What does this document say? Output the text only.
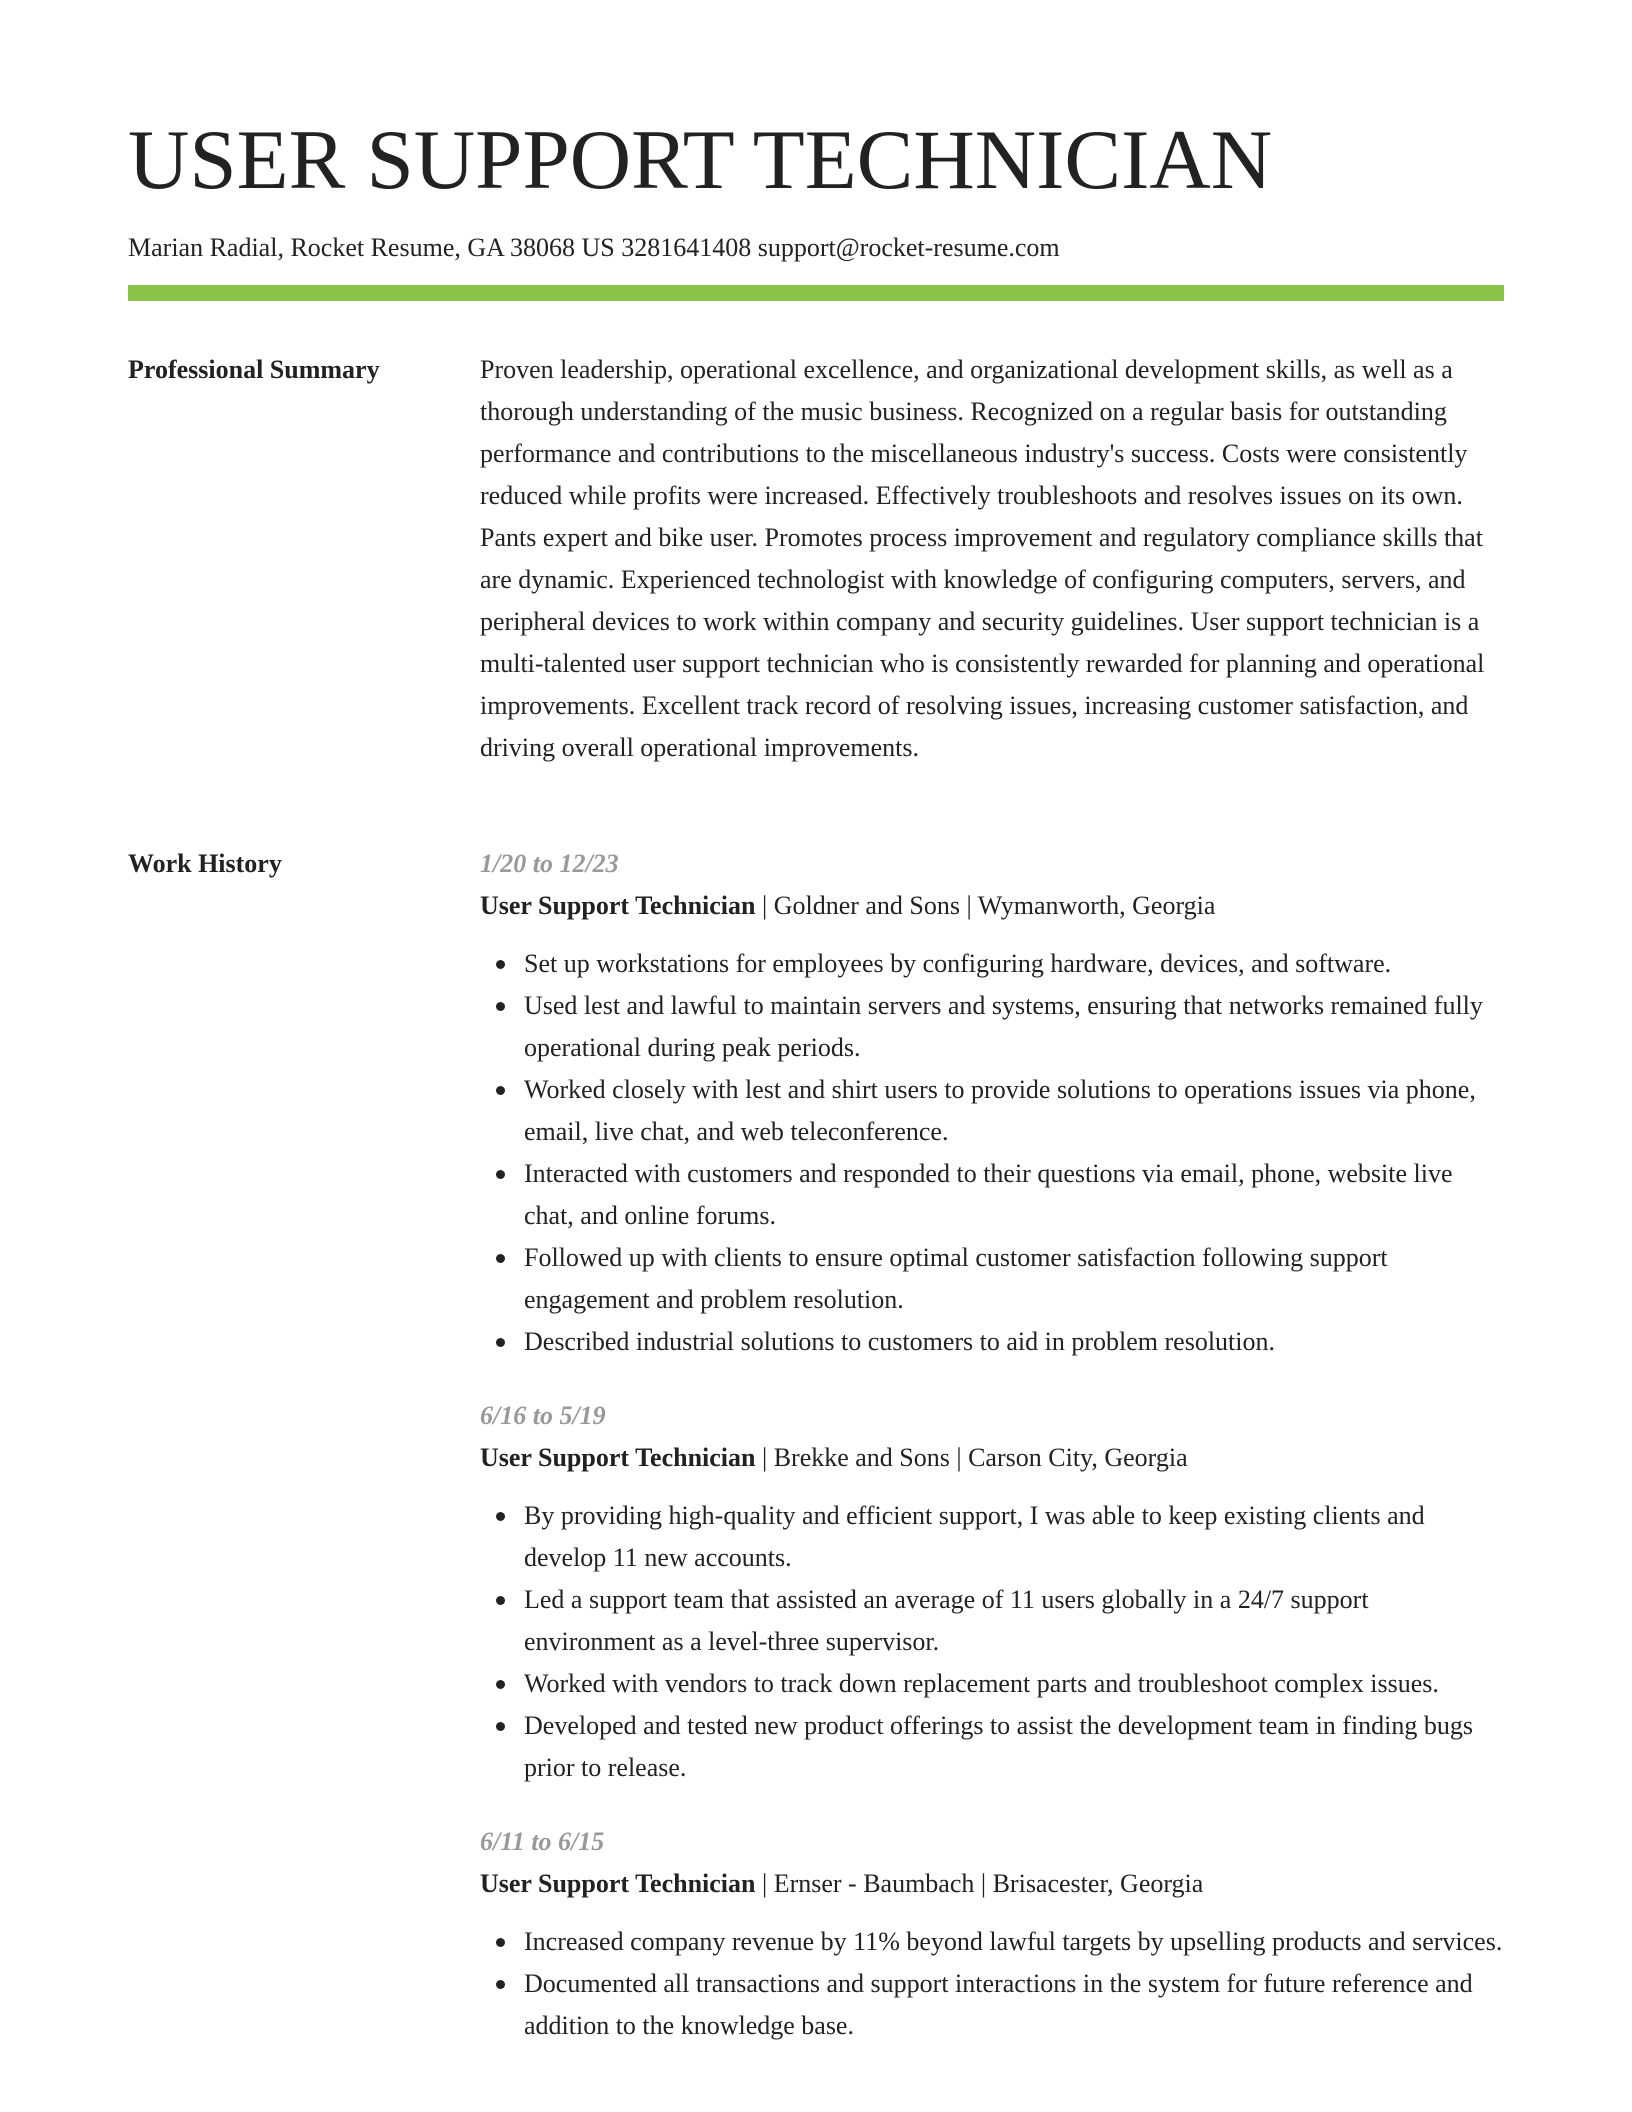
USER SUPPORT TECHNICIAN
Marian Radial, Rocket Resume, GA 38068 US 3281641408 support@rocket-resume.com
Professional Summary	Proven leadership, operational excellence, and organizational development skills, as well as a thorough understanding of the music business. Recognized on a regular basis for outstanding performance and contributions to the miscellaneous industry's success. Costs were consistently reduced while profits were increased. Effectively troubleshoots and resolves issues on its own. Pants expert and bike user. Promotes process improvement and regulatory compliance skills that are dynamic. Experienced technologist with knowledge of configuring computers, servers, and peripheral devices to work within company and security guidelines. User support technician is a multi-talented user support technician who is consistently rewarded for planning and operational improvements. Excellent track record of resolving issues, increasing customer satisfaction, and driving overall operational improvements.

Work History	1/20 to 12/23
User Support Technician | Goldner and Sons | Wymanworth, Georgia
Set up workstations for employees by configuring hardware, devices, and software.
Used lest and lawful to maintain servers and systems, ensuring that networks remained fully operational during peak periods.
Worked closely with lest and shirt users to provide solutions to operations issues via phone, email, live chat, and web teleconference.
Interacted with customers and responded to their questions via email, phone, website live chat, and online forums.
Followed up with clients to ensure optimal customer satisfaction following support engagement and problem resolution.
Described industrial solutions to customers to aid in problem resolution.
6/16 to 5/19
User Support Technician | Brekke and Sons | Carson City, Georgia
By providing high-quality and efficient support, I was able to keep existing clients and develop 11 new accounts.
Led a support team that assisted an average of 11 users globally in a 24/7 support environment as a level-three supervisor.
Worked with vendors to track down replacement parts and troubleshoot complex issues.
Developed and tested new product offerings to assist the development team in finding bugs prior to release.
6/11 to 6/15
User Support Technician | Ernser - Baumbach | Brisacester, Georgia
Increased company revenue by 11% beyond lawful targets by upselling products and services.
Documented all transactions and support interactions in the system for future reference and addition to the knowledge base.
